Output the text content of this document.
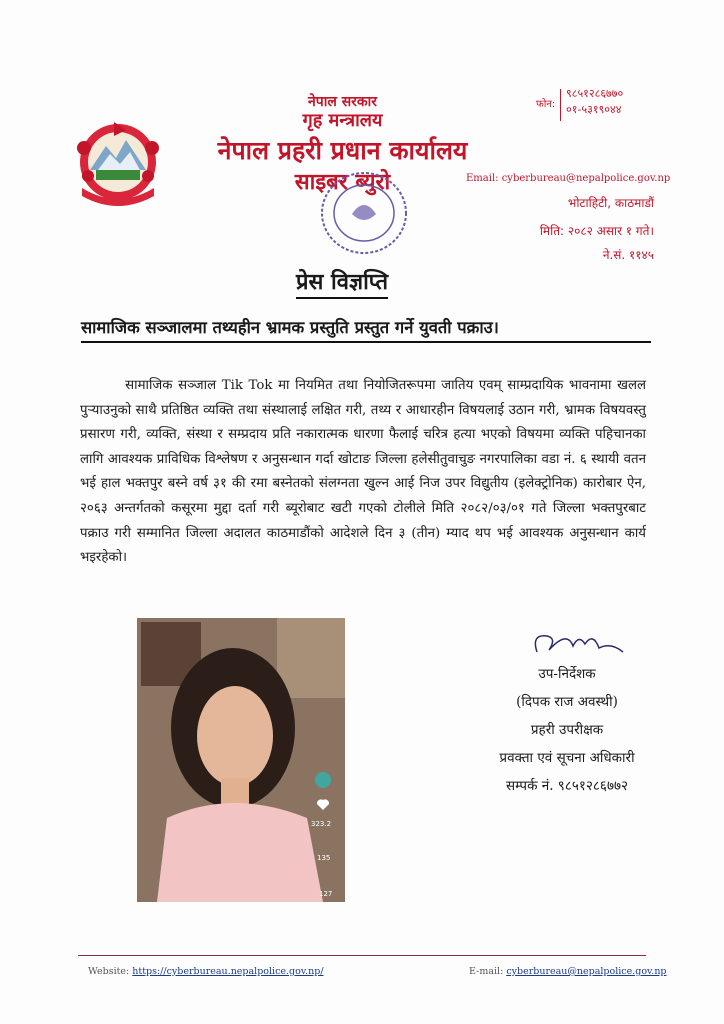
नेपाल सरकार
गृह मन्त्रालय
नेपाल प्रहरी प्रधान कार्यालय
साइबर ब्युरो
फोन:
९८५१२८६७७०
०१-५३१९०४४
Email: cyberbureau@nepalpolice.gov.np
भोटाहिटी, काठमाडौं
मिति: २०८२ असार १ गते।
ने.सं. ११४५
प्रेस विज्ञप्ति
सामाजिक सञ्जालमा तथ्यहीन भ्रामक प्रस्तुति प्रस्तुत गर्ने युवती पक्राउ।
सामाजिक सञ्जाल Tik Tok मा नियमित तथा नियोजितरूपमा जातिय एवम् साम्प्रदायिक भावनामा खलल पुऱ्याउनुको साथै प्रतिष्ठित व्यक्ति तथा संस्थालाई लक्षित गरी, तथ्य र आधारहीन विषयलाई उठान गरी, भ्रामक विषयवस्तु प्रसारण गरी, व्यक्ति, संस्था र सम्प्रदाय प्रति नकारात्मक धारणा फैलाई चरित्र हत्या भएको विषयमा व्यक्ति पहिचानका लागि आवश्यक प्राविधिक विश्लेषण र अनुसन्धान गर्दा खोटाङ जिल्ला हलेसीतुवाचुङ नगरपालिका वडा नं. ६ स्थायी वतन भई हाल भक्तपुर बस्ने वर्ष ३१ की रमा बस्नेतको संलग्नता खुल्न आई निज उपर विद्युतीय (इलेक्ट्रोनिक) कारोबार ऐन, २०६३ अन्तर्गतको कसूरमा मुद्दा दर्ता गरी ब्यूरोबाट खटी गएको टोलीले मिति २०८२/०३/०१ गते जिल्ला भक्तपुरबाट पक्राउ गरी सम्मानित जिल्ला अदालत काठमाडौंको आदेशले दिन ३ (तीन) म्याद थप भई आवश्यक अनुसन्धान कार्य भइरहेको।
323.2
135
127
उप-निर्देशक
(दिपक राज अवस्थी)
प्रहरी उपरीक्षक
प्रवक्ता एवं सूचना अधिकारी
सम्पर्क नं. ९८५१२८६७७२
Website: https://cyberbureau.nepalpolice.gov.np/	E-mail: cyberbureau@nepalpolice.gov.np
